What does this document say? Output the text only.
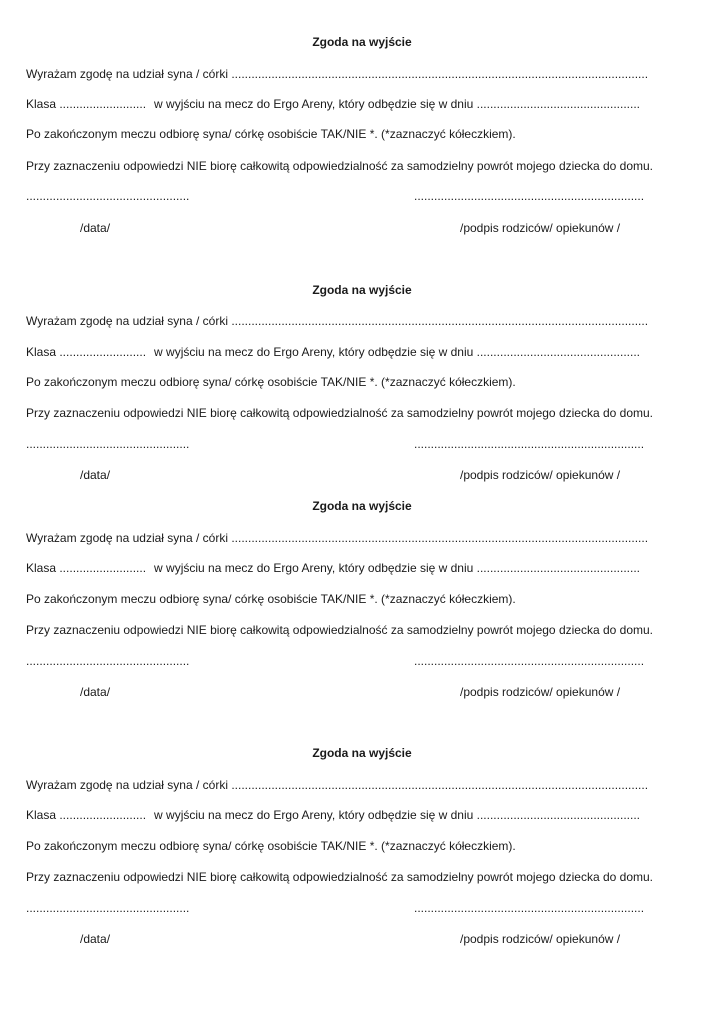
Zgoda na wyjście
Wyrażam zgodę na udział syna / córki .............................................................................................................................
Klasa .......................... w wyjściu na mecz do Ergo Areny, który odbędzie się w dniu .................................................
Po zakończonym meczu odbiorę syna/ córkę osobiście TAK/NIE *. (*zaznaczyć kółeczkiem).
Przy zaznaczeniu odpowiedzi NIE biorę całkowitą odpowiedzialność za samodzielny powrót mojego dziecka do domu.
.................................................	.....................................................................
/data/	/podpis rodziców/ opiekunów /
Zgoda na wyjście
Wyrażam zgodę na udział syna / córki .............................................................................................................................
Klasa .......................... w wyjściu na mecz do Ergo Areny, który odbędzie się w dniu .................................................
Po zakończonym meczu odbiorę syna/ córkę osobiście TAK/NIE *. (*zaznaczyć kółeczkiem).
Przy zaznaczeniu odpowiedzi NIE biorę całkowitą odpowiedzialność za samodzielny powrót mojego dziecka do domu.
.................................................	.....................................................................
/data/	/podpis rodziców/ opiekunów /
Zgoda na wyjście
Wyrażam zgodę na udział syna / córki .............................................................................................................................
Klasa .......................... w wyjściu na mecz do Ergo Areny, który odbędzie się w dniu .................................................
Po zakończonym meczu odbiorę syna/ córkę osobiście TAK/NIE *. (*zaznaczyć kółeczkiem).
Przy zaznaczeniu odpowiedzi NIE biorę całkowitą odpowiedzialność za samodzielny powrót mojego dziecka do domu.
.................................................	.....................................................................
/data/	/podpis rodziców/ opiekunów /
Zgoda na wyjście
Wyrażam zgodę na udział syna / córki .............................................................................................................................
Klasa .......................... w wyjściu na mecz do Ergo Areny, który odbędzie się w dniu .................................................
Po zakończonym meczu odbiorę syna/ córkę osobiście TAK/NIE *. (*zaznaczyć kółeczkiem).
Przy zaznaczeniu odpowiedzi NIE biorę całkowitą odpowiedzialność za samodzielny powrót mojego dziecka do domu.
.................................................	.....................................................................
/data/	/podpis rodziców/ opiekunów /
